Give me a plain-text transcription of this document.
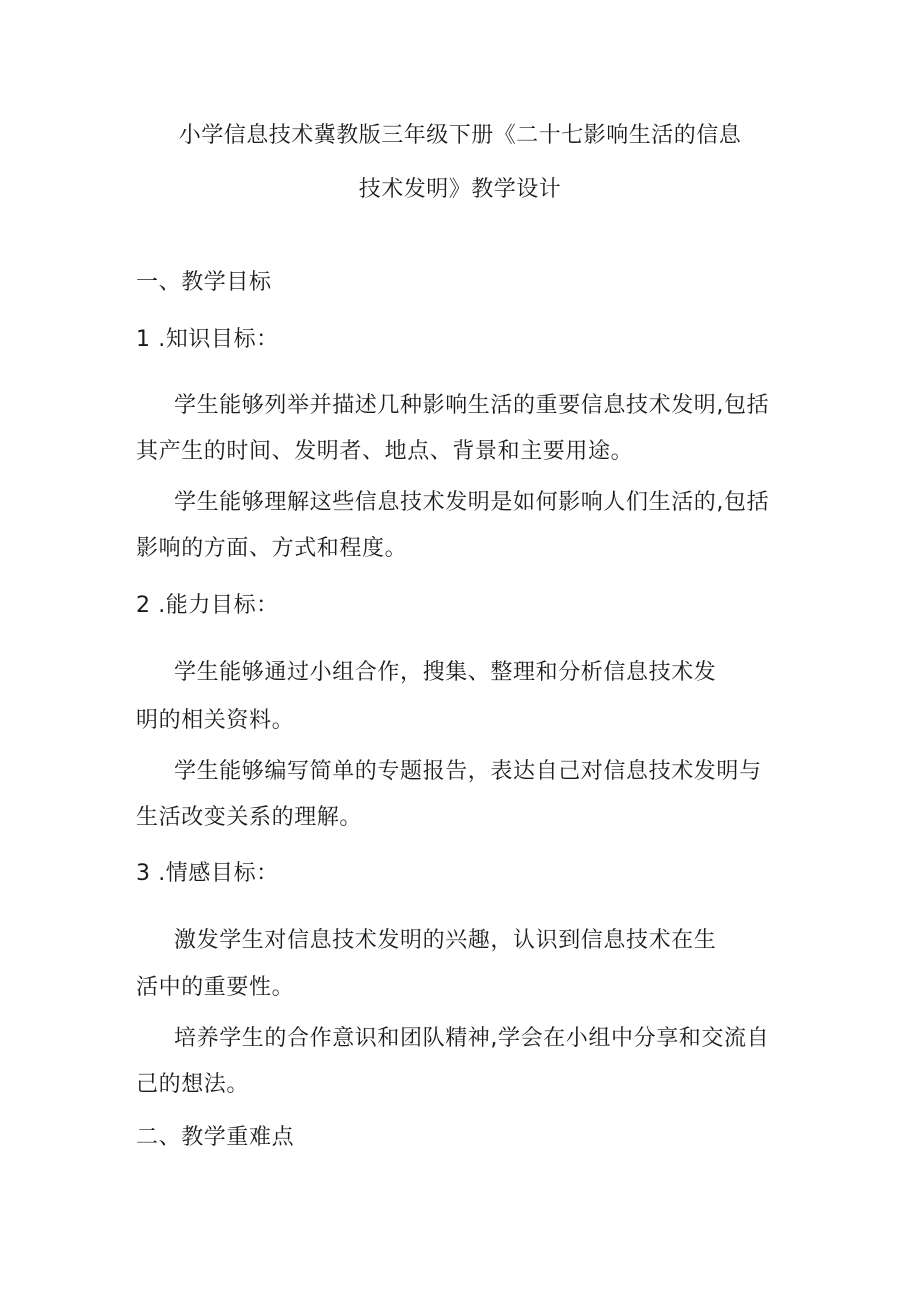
小学信息技术冀教版三年级下册《二十七影响生活的信息
技术发明》教学设计
一、教学目标
1 .知识目标：
学生能够列举并描述几种影响生活的重要信息技术发明,包括
其产生的时间、发明者、地点、背景和主要用途。
学生能够理解这些信息技术发明是如何影响人们生活的,包括
影响的方面、方式和程度。
2 .能力目标：
学生能够通过小组合作，搜集、整理和分析信息技术发
明的相关资料。
学生能够编写简单的专题报告，表达自己对信息技术发明与
生活改变关系的理解。
3 .情感目标：
激发学生对信息技术发明的兴趣，认识到信息技术在生
活中的重要性。
培养学生的合作意识和团队精神,学会在小组中分享和交流自
己的想法。
二、教学重难点
